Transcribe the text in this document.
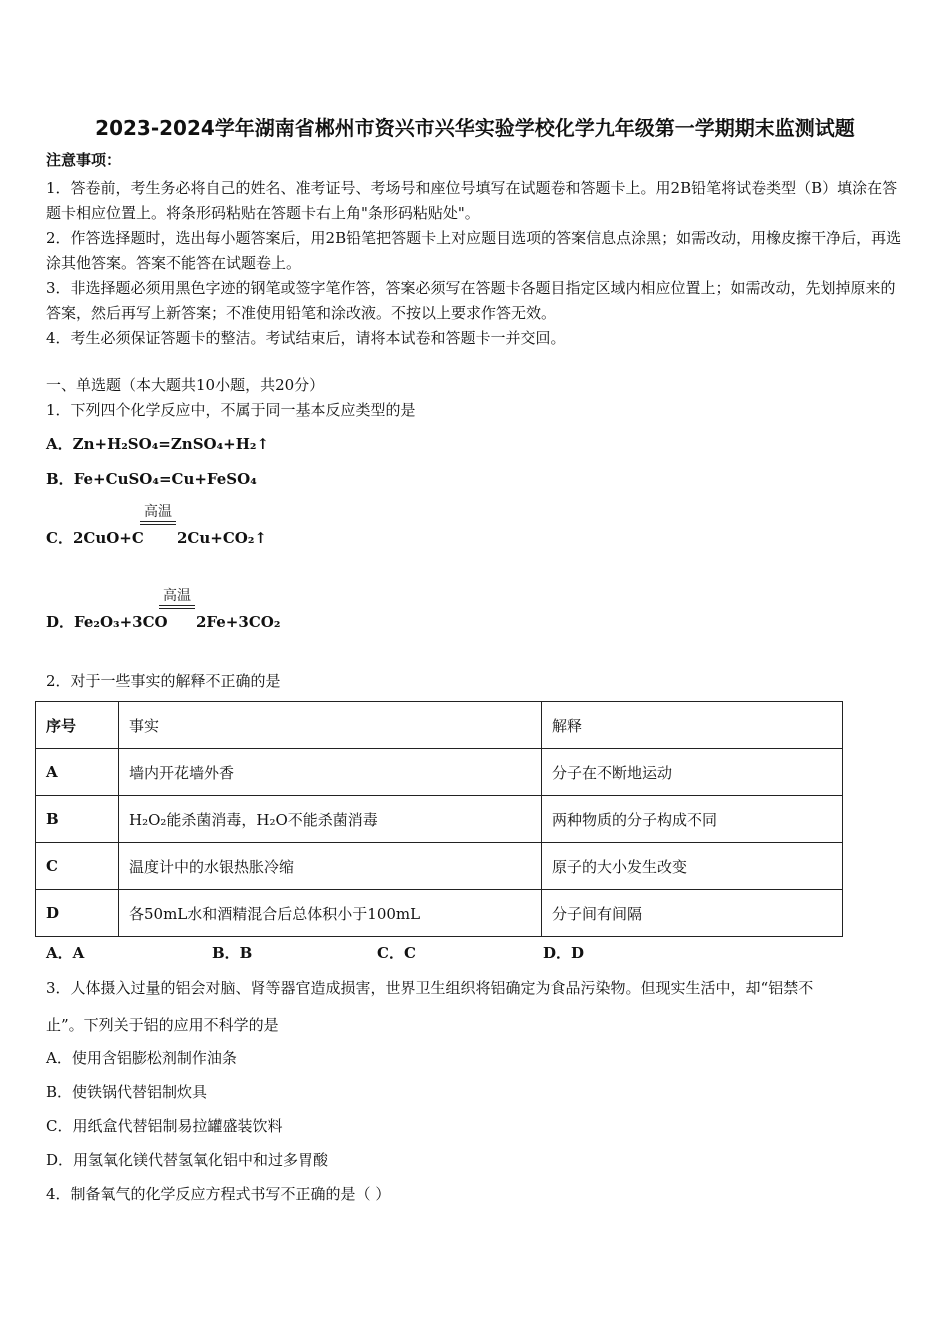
2023-2024学年湖南省郴州市资兴市兴华实验学校化学九年级第一学期期末监测试题
注意事项：
1．答卷前，考生务必将自己的姓名、准考证号、考场号和座位号填写在试题卷和答题卡上。用2B铅笔将试卷类型（B）填涂在答题卡相应位置上。将条形码粘贴在答题卡右上角"条形码粘贴处"。
2．作答选择题时，选出每小题答案后，用2B铅笔把答题卡上对应题目选项的答案信息点涂黑；如需改动，用橡皮擦干净后，再选涂其他答案。答案不能答在试题卷上。
3．非选择题必须用黑色字迹的钢笔或签字笔作答，答案必须写在答题卡各题目指定区域内相应位置上；如需改动，先划掉原来的答案，然后再写上新答案；不准使用铅笔和涂改液。不按以上要求作答无效。
4．考生必须保证答题卡的整洁。考试结束后，请将本试卷和答题卡一并交回。
一、单选题（本大题共10小题，共20分）
1．下列四个化学反应中，不属于同一基本反应类型的是
A．Zn+H₂SO₄=ZnSO₄+H₂↑
B．Fe+CuSO₄=Cu+FeSO₄
C．2CuO+C
高温
2Cu+CO₂↑
D．Fe₂O₃+3CO
高温
2Fe+3CO₂
2．对于一些事实的解释不正确的是
序号	事实	解释
A	墙内开花墙外香	分子在不断地运动
B	H₂O₂能杀菌消毒，H₂O不能杀菌消毒	两种物质的分子构成不同
C	温度计中的水银热胀冷缩	原子的大小发生改变
D	各50mL水和酒精混合后总体积小于100mL	分子间有间隔
A．A	B．B	C．C	D．D
3．人体摄入过量的铝会对脑、肾等器官造成损害，世界卫生组织将铝确定为食品污染物。但现实生活中，却“铝禁不
止”。下列关于铝的应用不科学的是
A．使用含铝膨松剂制作油条
B．使铁锅代替铝制炊具
C．用纸盒代替铝制易拉罐盛装饮料
D．用氢氧化镁代替氢氧化铝中和过多胃酸
4．制备氧气的化学反应方程式书写不正确的是（ ）
